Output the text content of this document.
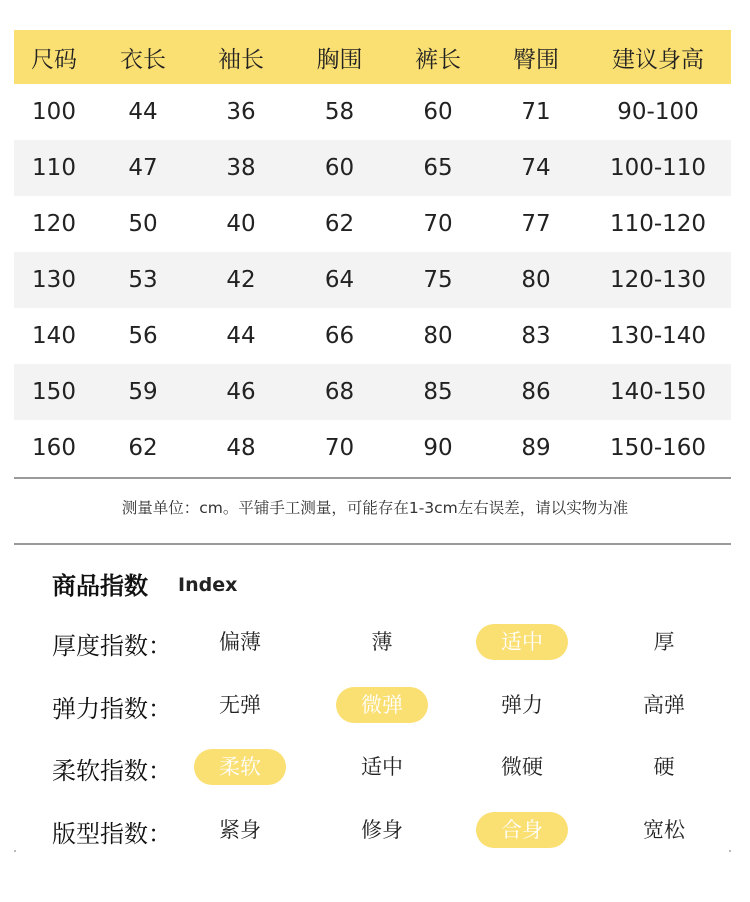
尺码	衣长	袖长	胸围	裤长	臀围	建议身高
100	44	36	58	60	71	90-100
110	47	38	60	65	74	100-110
120	50	40	62	70	77	110-120
130	53	42	64	75	80	120-130
140	56	44	66	80	83	130-140
150	59	46	68	85	86	140-150
160	62	48	70	90	89	150-160
测量单位：cm。平铺手工测量，可能存在1-3cm左右误差，请以实物为准
商品指数 Index
厚度指数：	偏薄	薄	适中	厚
弹力指数：	无弹	微弹	弹力	高弹
柔软指数：	柔软	适中	微硬	硬
版型指数：	紧身	修身	合身	宽松
